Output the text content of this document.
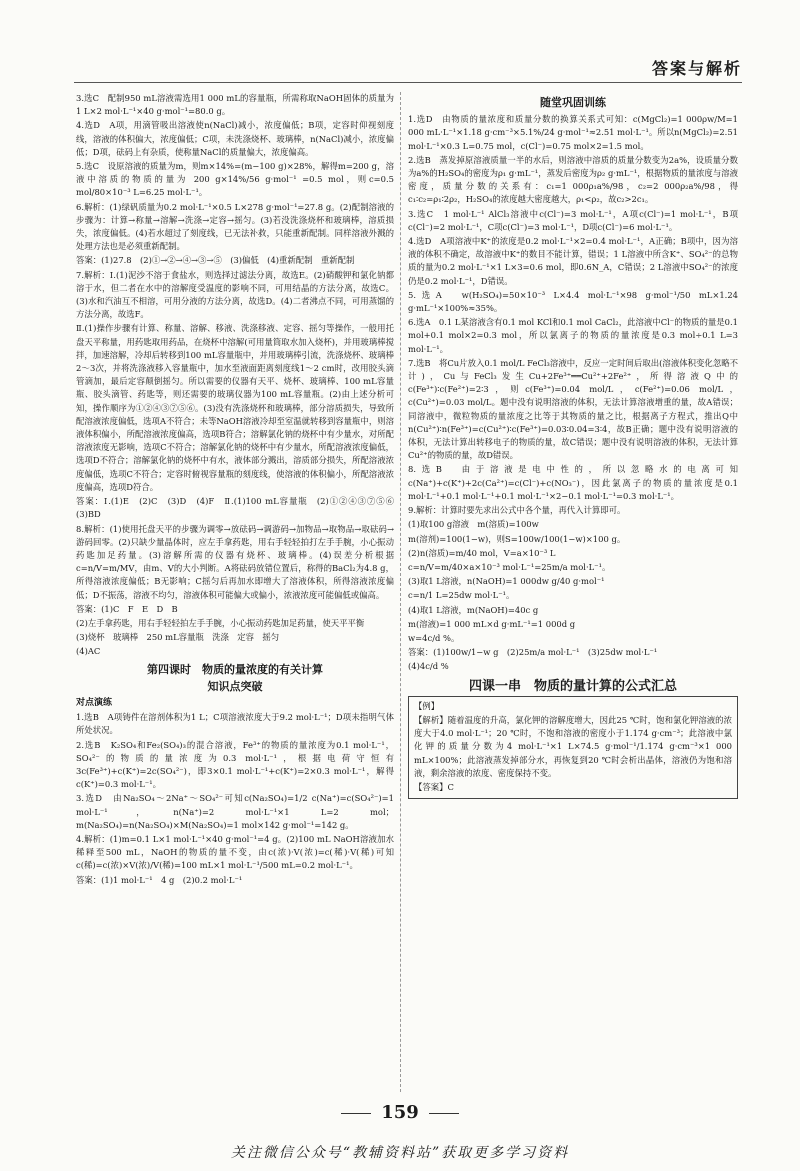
答案与解析

3.选C　配制950 mL溶液需选用1 000 mL的容量瓶，所需称取NaOH固体的质量为1 L×2 mol·L⁻¹×40 g·mol⁻¹=80.0 g。

4.选D　A项，用滴管吸出溶液使n(NaCl)减小，浓度偏低；B项，定容时仰视刻度线，溶液的体积偏大，浓度偏低；C项，未洗涤烧杯、玻璃棒，n(NaCl)减小，浓度偏低；D项，砝码上有杂质，使称量NaCl的质量偏大，浓度偏高。

5.选C　设原溶液的质量为m，则m×14%=(m−100 g)×28%，解得m=200 g，溶液中溶质的物质的量为 200 g×14%/56 g·mol⁻¹ =0.5 mol，则c=0.5 mol/80×10⁻³ L=6.25 mol·L⁻¹。

6.解析：(1)绿矾质量为0.2 mol·L⁻¹×0.5 L×278 g·mol⁻¹=27.8 g。(2)配制溶液的步骤为：计算→称量→溶解→洗涤→定容→摇匀。(3)若没洗涤烧杯和玻璃棒，溶质损失，浓度偏低。(4)若水超过了刻度线，已无法补救，只能重新配制。同样溶液外溅的处理方法也是必须重新配制。

答案：(1)27.8　(2)①→②→④→③→⑤　(3)偏低　(4)重新配制　重新配制

7.解析：Ⅰ.(1)泥沙不溶于食盐水，则选择过滤法分离，故选E。(2)硝酸钾和氯化钠都溶于水，但二者在水中的溶解度受温度的影响不同，可用结晶的方法分离，故选C。(3)水和汽油互不相溶，可用分液的方法分离，故选D。(4)二者沸点不同，可用蒸馏的方法分离，故选F。

Ⅱ.(1)操作步骤有计算、称量、溶解、移液、洗涤移液、定容、摇匀等操作，一般用托盘天平称量，用药匙取用药品，在烧杯中溶解(可用量筒取水加入烧杯)，并用玻璃棒搅拌，加速溶解，冷却后转移到100 mL容量瓶中，并用玻璃棒引流，洗涤烧杯、玻璃棒2～3次，并将洗涤液移入容量瓶中，加水至液面距离刻度线1～2 cm时，改用胶头滴管滴加，最后定容颠倒摇匀。所以需要的仪器有天平、烧杯、玻璃棒、100 mL容量瓶、胶头滴管、药匙等，则还需要的玻璃仪器为100 mL容量瓶。(2)由上述分析可知，操作顺序为①②④③⑦⑤⑥。(3)没有洗涤烧杯和玻璃棒，部分溶质损失，导致所配溶液浓度偏低，选项A不符合；未等NaOH溶液冷却至室温就转移到容量瓶中，则溶液体积偏小，所配溶液浓度偏高，选项B符合；溶解氯化钠的烧杯中有少量水，对所配溶液浓度无影响，选项C不符合；溶解氯化钠的烧杯中有少量水，所配溶液浓度偏低，选项D不符合；溶解氯化钠的烧杯中有水，液体部分溅出，溶质部分损失，所配溶液浓度偏低，选项C不符合；定容时俯视容量瓶的刻度线，使溶液的体积偏小，所配溶液浓度偏高，选项D符合。

答案：Ⅰ.(1)E　(2)C　(3)D　(4)F　Ⅱ.(1)100 mL容量瓶　(2)①②④③⑦⑤⑥　(3)BD

8.解析：(1)使用托盘天平的步骤为调零→放砝码→调游码→加物品→取物品→取砝码→游码回零。(2)只缺少量晶体时，应左手拿药匙，用右手轻轻拍打左手手腕，小心振动药匙加足药量。(3)溶解所需的仪器有烧杯、玻璃棒。(4)误差分析根据c=n/V=m/MV，由m、V的大小判断。A将砝码放错位置后，称得的BaCl₂为4.8 g，所得溶液浓度偏低；B无影响；C摇匀后再加水即增大了溶液体积，所得溶液浓度偏低；D不振荡，溶液不均匀，溶液体积可能偏大或偏小，浓液浓度可能偏低或偏高。

答案：(1)C　F　E　D　B

(2)左手拿药匙，用右手轻轻拍左手手腕，小心振动药匙加足药量，使天平平衡

(3)烧杯　玻璃棒　250 mL容量瓶　洗涤　定容　摇匀

(4)AC

第四课时　物质的量浓度的有关计算
知识点突破

对点演练

1.选B　A项铸件在溶剂体积为1 L；C项溶液浓度大于9.2 mol·L⁻¹；D项未指明气体所处状况。

2.选B　K₂SO₄和Fe₂(SO₄)₃的混合溶液，Fe³⁺的物质的量浓度为0.1 mol·L⁻¹，SO₄²⁻的物质的量浓度为0.3 mol·L⁻¹，根据电荷守恒有3c(Fe³⁺)+c(K⁺)=2c(SO₄²⁻)，即3×0.1 mol·L⁻¹+c(K⁺)=2×0.3 mol·L⁻¹，解得c(K⁺)=0.3 mol·L⁻¹。

3.选D　由Na₂SO₄～2Na⁺～SO₄²⁻可知c(Na₂SO₄)=1/2 c(Na⁺)=c(SO₄²⁻)=1 mol·L⁻¹，n(Na⁺)=2 mol·L⁻¹×1 L=2 mol；m(Na₂SO₄)=n(Na₂SO₄)×M(Na₂SO₄)=1 mol×142 g·mol⁻¹=142 g。

4.解析：(1)m=0.1 L×1 mol·L⁻¹×40 g·mol⁻¹=4 g。(2)100 mL NaOH溶液加水稀释至500 mL，NaOH的物质的量不变，由c(浓)·V(浓)=c(稀)·V(稀)可知c(稀)=c(浓)×V(浓)/V(稀)=100 mL×1 mol·L⁻¹/500 mL=0.2 mol·L⁻¹。

答案：(1)1 mol·L⁻¹　4 g　(2)0.2 mol·L⁻¹

随堂巩固训练

1.选D　由物质的量浓度和质量分数的换算关系式可知：c(MgCl₂)=1 000ρw/M=1 000 mL·L⁻¹×1.18 g·cm⁻³×5.1%/24 g·mol⁻¹≈2.51 mol·L⁻¹。所以n(MgCl₂)=2.51 mol·L⁻¹×0.3 L=0.75 mol，c(Cl⁻)=0.75 mol×2=1.5 mol。

2.选B　蒸发掉原溶液质量一半的水后，则溶液中溶质的质量分数变为2a%，设质量分数为a%的H₂SO₄的密度为ρ₁ g·mL⁻¹，蒸发后密度为ρ₂ g·mL⁻¹，根据物质的量浓度与溶液密度，质量分数的关系有：c₁=1 000ρ₁a%/98，c₂=2 000ρ₂a%/98，得c₁∶c₂=ρ₁∶2ρ₂，H₂SO₄的浓度越大密度越大，ρ₁<ρ₂，故c₂>2c₁。

3.选C　1 mol·L⁻¹ AlCl₃溶液中c(Cl⁻)=3 mol·L⁻¹，A项c(Cl⁻)=1 mol·L⁻¹，B项c(Cl⁻)=2 mol·L⁻¹，C项c(Cl⁻)=3 mol·L⁻¹，D项c(Cl⁻)=6 mol·L⁻¹。

4.选D　A项溶液中K⁺的浓度是0.2 mol·L⁻¹×2=0.4 mol·L⁻¹，A正确；B项中，因为溶液的体积不确定，故溶液中K⁺的数目不能计算，错误；1 L溶液中所含K⁺、SO₄²⁻的总物质的量为0.2 mol·L⁻¹×1 L×3=0.6 mol，即0.6N_A，C错误；2 L溶液中SO₄²⁻的浓度仍是0.2 mol·L⁻¹，D错误。

5.选A　w(H₂SO₄)=50×10⁻³ L×4.4 mol·L⁻¹×98 g·mol⁻¹/50 mL×1.24 g·mL⁻¹×100%≈35%。

6.选A　0.1 L某溶液含有0.1 mol KCl和0.1 mol CaCl₂，此溶液中Cl⁻的物质的量是0.1 mol+0.1 mol×2=0.3 mol，所以氯离子的物质的量浓度是0.3 mol÷0.1 L=3 mol·L⁻¹。

7.选B　将Cu片放入0.1 mol/L FeCl₃溶液中，反应一定时间后取出(溶液体积变化忽略不计)，Cu与FeCl₃发生Cu+2Fe³⁺══Cu²⁺+2Fe²⁺，所得溶液Q中的c(Fe³⁺)∶c(Fe²⁺)=2∶3，则c(Fe³⁺)=0.04 mol/L，c(Fe²⁺)=0.06 mol/L，c(Cu²⁺)=0.03 mol/L。题中没有说明溶液的体积，无法计算溶液增重的量，故A错误；同溶液中，微粒物质的量浓度之比等于其物质的量之比，根据离子方程式，推出Q中n(Cu²⁺)∶n(Fe³⁺)=c(Cu²⁺)∶c(Fe³⁺)=0.03∶0.04=3∶4，故B正确；题中没有说明溶液的体积，无法计算出转移电子的物质的量，故C错误；题中没有说明溶液的体积，无法计算Cu²⁺的物质的量，故D错误。

8.选B　由于溶液是电中性的，所以忽略水的电离可知c(Na⁺)+c(K⁺)+2c(Ca²⁺)=c(Cl⁻)+c(NO₃⁻)，因此氯离子的物质的量浓度是0.1 mol·L⁻¹+0.1 mol·L⁻¹+0.1 mol·L⁻¹×2−0.1 mol·L⁻¹=0.3 mol·L⁻¹。

9.解析：计算时要先求出公式中各个量，再代入计算即可。

(1)取100 g溶液　m(溶质)=100w

m(溶剂)=100(1−w)，则S=100w/100(1−w)×100 g。

(2)n(溶质)=m/40 mol，V=a×10⁻³ L

c=n/V=m/40×a×10⁻³ mol·L⁻¹=25m/a mol·L⁻¹。

(3)取1 L溶液，n(NaOH)=1 000dw g/40 g·mol⁻¹

c=n/1 L=25dw mol·L⁻¹。

(4)取1 L溶液，m(NaOH)=40c g

m(溶液)=1 000 mL×d g·mL⁻¹=1 000d g

w=4c/d %。

答案：(1)100w/1−w g　(2)25m/a mol·L⁻¹　(3)25dw mol·L⁻¹

(4)4c/d %

四课一串　物质的量计算的公式汇总

【例】

【解析】随着温度的升高，氯化钾的溶解度增大，因此25 ℃时，饱和氯化钾溶液的浓度大于4.0 mol·L⁻¹；20 ℃时，不饱和溶液的密度小于1.174 g·cm⁻³；此溶液中氯化钾的质量分数为4 mol·L⁻¹×1 L×74.5 g·mol⁻¹/1.174 g·cm⁻³×1 000 mL×100%；此溶液蒸发掉部分水，再恢复到20 ℃时会析出晶体，溶液仍为饱和溶液，剩余溶液的浓度、密度保持不变。

【答案】C

159
关注微信公众号“教辅资料站”获取更多学习资料
